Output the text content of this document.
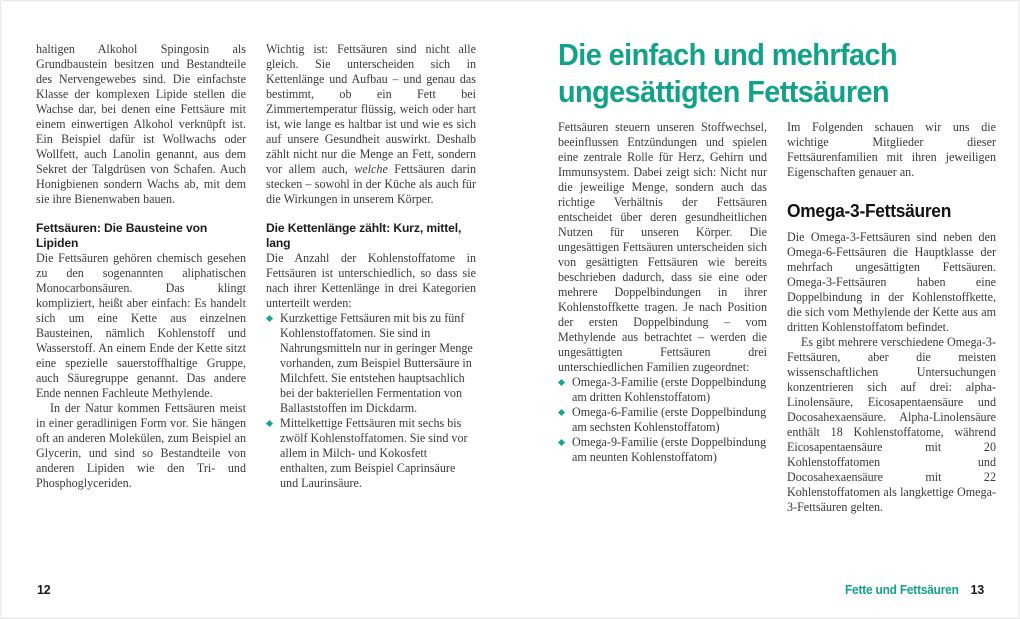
haltigen Alkohol Spingosin als Grundbaustein besitzen und Bestandteile des Nervengewebes sind. Die einfachste Klasse der komplexen Lipide stellen die Wachse dar, bei denen eine Fettsäure mit einem einwertigen Alkohol verknüpft ist. Ein Beispiel dafür ist Wollwachs oder Wollfett, auch Lanolin genannt, aus dem Sekret der Talgdrüsen von Schafen. Auch Honigbienen sondern Wachs ab, mit dem sie ihre Bienenwaben bauen.

Fettsäuren: Die Bausteine von Lipiden

Die Fettsäuren gehören chemisch gesehen zu den sogenannten aliphatischen Monocarbonsäuren. Das klingt kompliziert, heißt aber einfach: Es handelt sich um eine Kette aus einzelnen Bausteinen, nämlich Kohlenstoff und Wasserstoff. An einem Ende der Kette sitzt eine spezielle sauerstoffhaltige Gruppe, auch Säuregruppe genannt. Das andere Ende nennen Fachleute Methylende.

In der Natur kommen Fettsäuren meist in einer geradlinigen Form vor. Sie hängen oft an anderen Molekülen, zum Beispiel an Glycerin, und sind so Bestandteile von anderen Lipiden wie den Tri- und Phosphoglyceriden.

Wichtig ist: Fettsäuren sind nicht alle gleich. Sie unterscheiden sich in Kettenlänge und Aufbau – und genau das bestimmt, ob ein Fett bei Zimmertemperatur flüssig, weich oder hart ist, wie lange es haltbar ist und wie es sich auf unsere Gesundheit auswirkt. Deshalb zählt nicht nur die Menge an Fett, sondern vor allem auch, welche Fettsäuren darin stecken – sowohl in der Küche als auch für die Wirkungen in unserem Körper.

Die Kettenlänge zählt: Kurz, mittel, lang

Die Anzahl der Kohlenstoffatome in Fettsäuren ist unterschiedlich, so dass sie nach ihrer Kettenlänge in drei Kategorien unterteilt werden:

Kurzkettige Fettsäuren mit bis zu fünf Kohlenstoffatomen. Sie sind in Nahrungsmitteln nur in geringer Menge vorhanden, zum Beispiel Buttersäure in Milchfett. Sie entstehen hauptsachlich bei der bakteriellen Fermentation von Ballaststoffen im Dickdarm.
Mittelkettige Fettsäuren mit sechs bis zwölf Kohlenstoffatomen. Sie sind vor allem in Milch- und Kokosfett enthalten, zum Beispiel Caprinsäure und Laurinsäure.
12
Die einfach und mehrfach ungesättigten Fettsäuren

Fettsäuren steuern unseren Stoffwechsel, beeinflussen Entzündungen und spielen eine zentrale Rolle für Herz, Gehirn und Immunsystem. Dabei zeigt sich: Nicht nur die jeweilige Menge, sondern auch das richtige Verhältnis der Fettsäuren entscheidet über deren gesundheitlichen Nutzen für unseren Körper. Die ungesättigen Fettsäuren unterscheiden sich von gesättigten Fettsäuren wie bereits beschrieben dadurch, dass sie eine oder mehrere Doppelbindungen in ihrer Kohlenstoffkette tragen. Je nach Position der ersten Doppelbindung – vom Methylende aus betrachtet – werden die ungesättigten Fettsäuren drei unterschiedlichen Familien zugeordnet:

Omega-3-Familie (erste Doppelbindung am dritten Kohlenstoffatom)
Omega-6-Familie (erste Doppelbindung am sechsten Kohlenstoffatom)
Omega-9-Familie (erste Doppelbindung am neunten Kohlenstoffatom)

Im Folgenden schauen wir uns die wichtige Mitglieder dieser Fettsäurenfamilien mit ihren jeweiligen Eigenschaften genauer an.

Omega-3-Fettsäuren

Die Omega-3-Fettsäuren sind neben den Omega-6-Fettsäuren die Hauptklasse der mehrfach ungesättigten Fettsäuren. Omega-3-Fettsäuren haben eine Doppelbindung in der Kohlenstoffkette, die sich vom Methylende der Kette aus am dritten Kohlenstoffatom befindet.

Es gibt mehrere verschiedene Omega-3-Fettsäuren, aber die meisten wissenschaftlichen Untersuchungen konzentrieren sich auf drei: alpha-Linolensäure, Eicosapentaensäure und Docosahexaensäure. Alpha-Linolensäure enthält 18 Kohlenstoffatome, während Eicosapentaensäure mit 20 Kohlenstoffatomen und Docosahexaensäure mit 22 Kohlenstoffatomen als langkettige Omega-3-Fettsäuren gelten.

Fette und Fettsäuren 13
